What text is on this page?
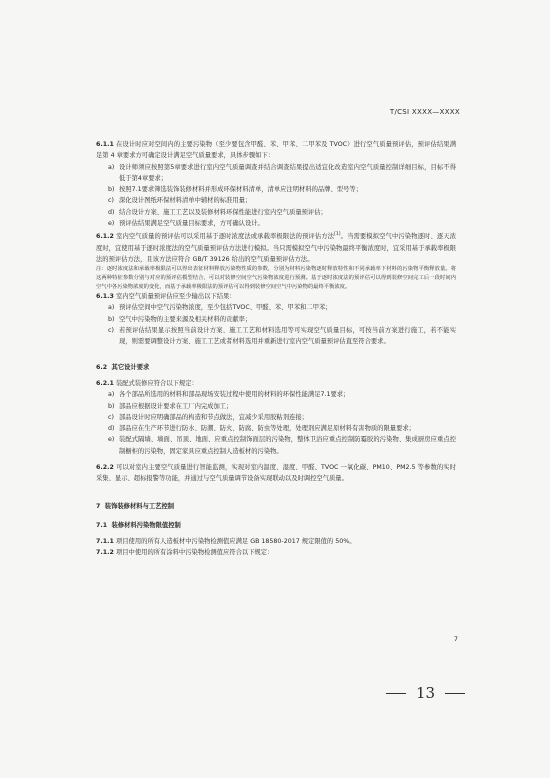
T/CSI XXXX—XXXX

6.1.1 在设计时应对空间内的主要污染物（至少要包含甲醛、苯、甲苯、二甲苯及 TVOC）进行空气质量预评估，预评估结果满足第 4 章要求方可确定设计满足空气质量要求，具体步骤如下：

a) 设计师须应按照第5章要求进行室内空气质量调查并结合调查结果提出适宜化改造室内空气质量控制详细目标，目标不得低于第4章要求；
b) 按照7.1要求筛选装饰装修材料并形成环保材料清单，清单应注明材料的品牌、型号等；
c) 深化设计图纸环保材料清单中辅材的标准用量；
d) 结合设计方案、施工工艺以及装修材料环保性能进行室内空气质量预评估；
e) 预评估结果满足空气质量目标要求，方可确认设计。

6.1.2 室内空气质量的预评估可以采用基于逐时浓度法或承载率极限法的预评估方法[1]。当需要模拟空气中污染物逐时、逐天浓度时，宜使用基于逐时浓度法的空气质量预评估方法进行模拟。当只需模拟空气中污染物最终平衡浓度时，宜采用基于承载率极限法的预评估方法，且该方法应符合 GB/T 39126 给出的空气质量预评估方法。

注：逐时浓度法和承载率极限法可以得出表征材料释放污染物性质的参数，分别为材料污染物逐时释放特性和不同承载率下材料的污染物平衡释放量。将这两种特征参数分别与对应的预评估模型结合，可以对装修空间空气污染物浓度进行预测。基于逐时浓度法的预评估可以得到装修空间完工后一段时间内空气中各污染物浓度的变化，而基于承载率极限法的预评估可以得到装修空间空气中污染物的最终平衡浓度。

6.1.3 室内空气质量预评估应至少输出以下结果：

a) 预评估空间中空气污染物浓度，至少包括TVOC、甲醛、苯、甲苯和二甲苯；
b) 空气中污染物的主要来源及相关材料的贡献率；
c) 若预评估结果显示按照当前设计方案、施工工艺和材料选用等可实现空气质量目标，可按当前方案进行施工，若不能实现，则需要调整设计方案、施工工艺或者材料选用并重新进行室内空气质量预评估直至符合要求。
6.2 其它设计要求

6.2.1 装配式装修应符合以下规定：

a) 各个部品所选用的材料和部品现场安装过程中使用的材料的环保性能满足7.1要求；
b) 部品应根据设计要求在工厂内完成加工；
c) 部品设计时应明确部品的构造和节点做法，宜减少采用胶粘剂连接；
d) 部品应在生产环节进行防水、防潮、防火、防腐、防虫等处理，处理剂应满足原材料有害物质的限量要求；
e) 装配式隔墙、墙面、吊顶、地面、应重点控制饰面层的污染物，整体卫浴应重点控制防霉胶的污染物、集成厨房应重点控制橱柜的污染物，固定家具应重点控制人造板材的污染物。

6.2.2 可以对室内主要空气质量进行智能监测，实现对室内温度、湿度、甲醛、TVOC 一氧化碳、PM10、PM2.5 等参数的实时采集、显示、超标报警等功能，并通过与空气质量调节设备实现联动以及时调控空气质量。

7 装饰装修材料与工艺控制
7.1 装修材料污染物限值控制

7.1.1 项目使用的所有人造板材中污染物检测值应满足 GB 18580-2017 规定限值的 50%。

7.1.2 项目中使用的所有涂料中污染物检测值应符合以下规定：

7
13
